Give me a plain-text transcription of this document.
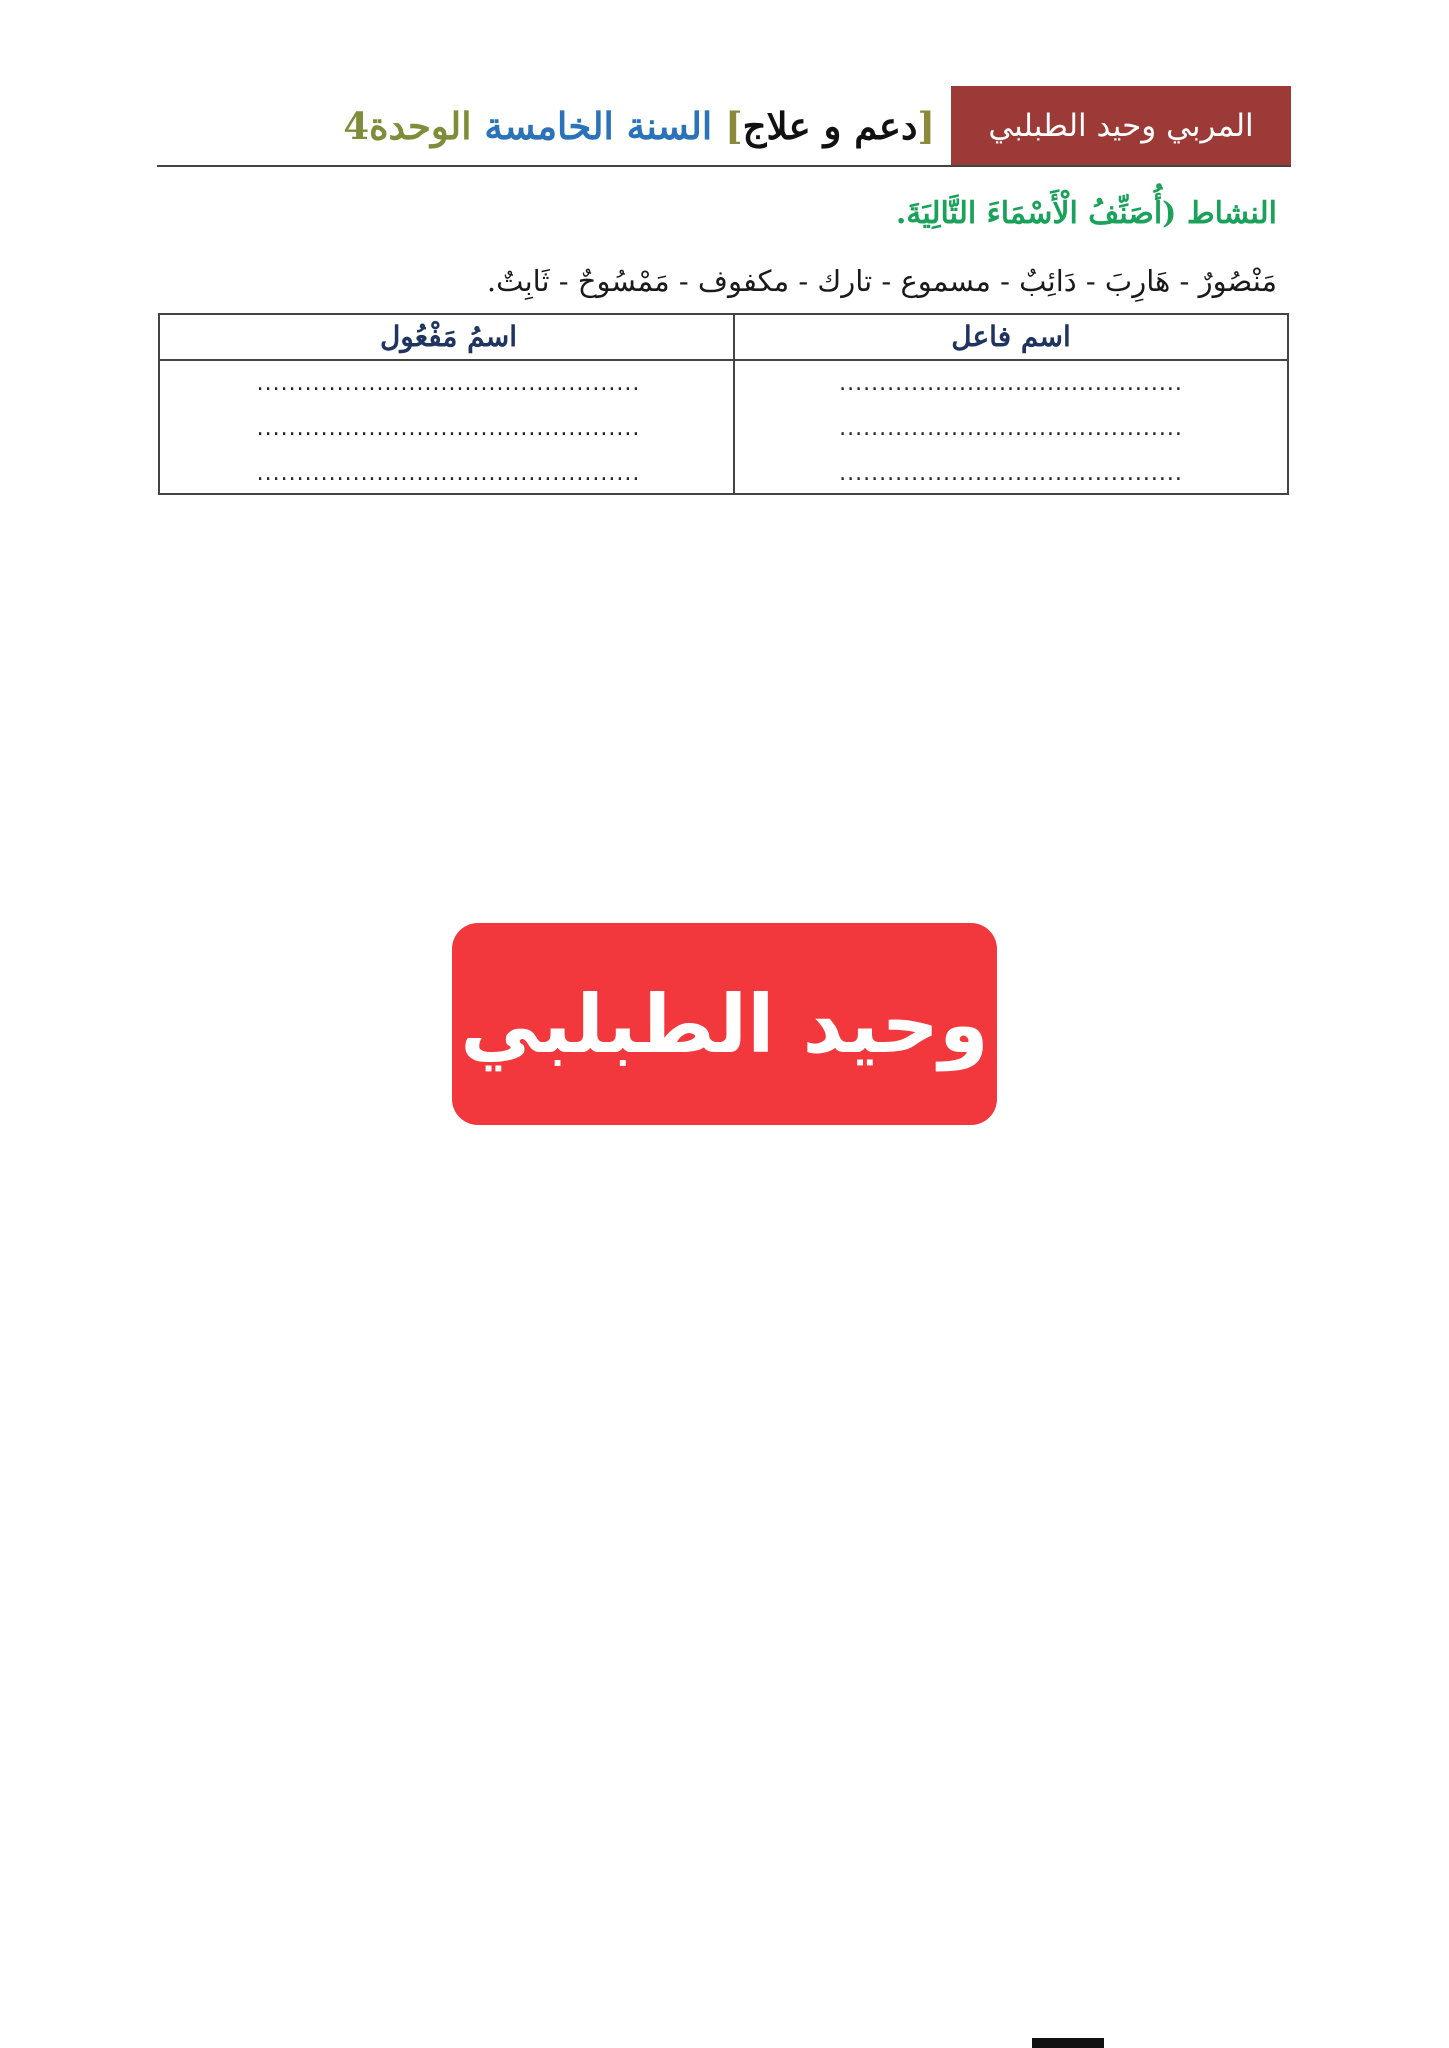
المربي وحيد الطبلبي
[دعم و علاج] السنة الخامسة الوحدة4
النشاط (أُصَنِّفُ الْأَسْمَاءَ التَّالِيَةَ.
مَنْصُورٌ - هَارِبَ - دَائِبٌ - مسموع - تارك - مكفوف - مَمْسُوحٌ - ثَابِتٌ.
اسم فاعل
...........................................
...........................................
...........................................
اسمُ مَفْعُول
................................................
................................................
................................................
وحيد الطبلبي
